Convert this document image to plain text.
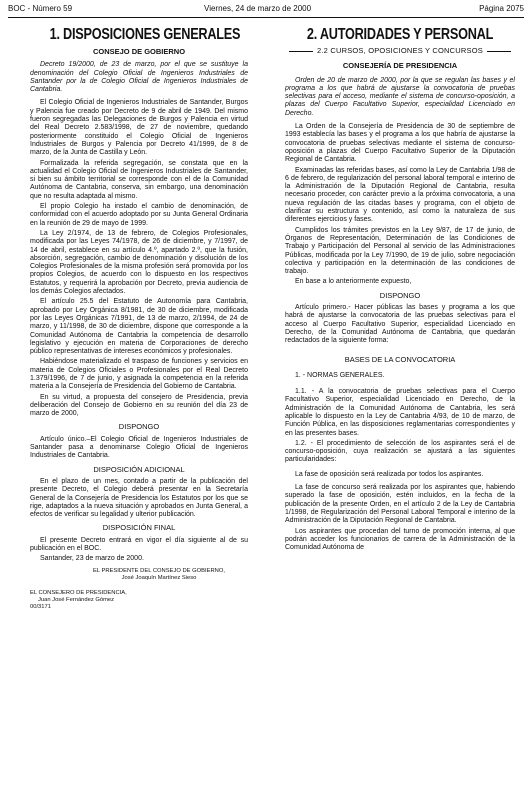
BOC - Número 59	Viernes, 24 de marzo de 2000	Página 2075
1. DISPOSICIONES GENERALES
CONSEJO DE GOBIERNO

Decreto 19/2000, de 23 de marzo, por el que se sustituye la denominación del Colegio Oficial de Ingenieros Industriales de Santander por la de Colegio Oficial de Ingenieros Industriales de Cantabria.

El Colegio Oficial de Ingenieros Industriales de Santander, Burgos y Palencia fue creado por Decreto de 9 de abril de 1949. Del mismo fueron segregadas las Delegaciones de Burgos y Palencia en virtud del Real Decreto 2.583/1998, de 27 de noviembre, quedando posteriormente constituido el Colegio Oficial de Ingenieros Industriales de Burgos y Palencia por Decreto 41/1999, de 8 de marzo, de la Junta de Castilla y León.

Formalizada la referida segregación, se constata que en la actualidad el Colegio Oficial de Ingenieros Industriales de Santander, si bien su ámbito territorial se corresponde con el de la Comunidad Autónoma de Cantabria, conserva, sin embargo, una denominación que no resulta adaptada al mismo.

El propio Colegio ha instado el cambio de denominación, de conformidad con el acuerdo adoptado por su Junta General Ordinaria en la reunión de 29 de mayo de 1999.

La Ley 2/1974, de 13 de febrero, de Colegios Profesionales, modificada por las Leyes 74/1978, de 26 de diciembre, y 7/1997, de 14 de abril, establece en su artículo 4.º, apartado 2.º, que la fusión, absorción, segregación, cambio de denominación y disolución de los Colegios Profesionales de la misma profesión será promovida por los propios Colegios, de acuerdo con lo dispuesto en los respectivos Estatutos, y requerirá la aprobación por Decreto, previa audiencia de los demás Colegios afectados.

El artículo 25.5 del Estatuto de Autonomía para Cantabria, aprobado por Ley Orgánica 8/1981, de 30 de diciembre, modificada por las Leyes Orgánicas 7/1991, de 13 de marzo, 2/1994, de 24 de marzo, y 11/1998, de 30 de diciembre, dispone que corresponde a la Comunidad Autónoma de Cantabria la competencia de desarrollo legislativo y ejecución en materia de Corporaciones de derecho público representativas de intereses económicos y profesionales.

Habiéndose materializado el traspaso de funciones y servicios en materia de Colegios Oficiales o Profesionales por el Real Decreto 1.379/1996, de 7 de junio, y asignada la competencia en la referida materia a la Consejería de Presidencia del Gobierno de Cantabria.

En su virtud, a propuesta del consejero de Presidencia, previa deliberación del Consejo de Gobierno en su reunión del día 23 de marzo de 2000,

DISPONGO

Artículo único.–El Colegio Oficial de Ingenieros Industriales de Santander pasa a denominarse Colegio Oficial de Ingenieros Industriales de Cantabria.

DISPOSICIÓN ADICIONAL

En el plazo de un mes, contado a partir de la publicación del presente Decreto, el Colegio deberá presentar en la Secretaría General de la Consejería de Presidencia los Estatutos por los que se rige, adaptados a la nueva situación y aprobados en Junta General, a efectos de verificar su legalidad y ulterior publicación.

DISPOSICIÓN FINAL

El presente Decreto entrará en vigor el día siguiente al de su publicación en el BOC.

Santander, 23 de marzo de 2000.

EL PRESIDENTE DEL CONSEJO DE GOBIERNO,
José Joaquín Martínez Sieso
EL CONSEJERO DE PRESIDENCIA,
Juan José Fernández Gómez
00/3171
2. AUTORIDADES Y PERSONAL
2.2 CURSOS, OPOSICIONES Y CONCURSOS
CONSEJERÍA DE PRESIDENCIA

Orden de 20 de marzo de 2000, por la que se regulan las bases y el programa a los que habrá de ajustarse la convocatoria de pruebas selectivas para el acceso, mediante el sistema de concurso-oposición, a plazas del Cuerpo Facultativo Superior, especialidad Licenciado en Derecho.

La Orden de la Consejería de Presidencia de 30 de septiembre de 1993 establecía las bases y el programa a los que habría de ajustarse la convocatoria de pruebas selectivas mediante el sistema de concurso-oposición a plazas del Cuerpo Facultativo Superior de la Diputación Regional de Cantabria.

Examinadas las referidas bases, así como la Ley de Cantabria 1/98 de 6 de febrero, de regularización del personal laboral temporal e interino de la Administración de la Diputación Regional de Cantabria, resulta necesario proceder, con carácter previo a la próxima convocatoria, a una nueva regulación de las citadas bases y programa, con el objeto de clarificar su estructura y contenido, así como la naturaleza de sus diferentes ejercicios y fases.

Cumplidos los trámites previstos en la Ley 9/87, de 17 de junio, de Órganos de Representación, Determinación de las Condiciones de Trabajo y Participación del Personal al servicio de las Administraciones Públicas, modificada por la Ley 7/1990, de 19 de julio, sobre negociación colectiva y participación en la determinación de las condiciones de trabajo.

En base a lo anteriormente expuesto,

DISPONGO

Artículo primero.- Hacer públicas las bases y programa a los que habrá de ajustarse la convocatoria de las pruebas selectivas para el acceso al Cuerpo Facultativo Superior, especialidad Licenciado en Derecho, de la Comunidad Autónoma de Cantabria, que quedarán redactados de la siguiente forma:

BASES DE LA CONVOCATORIA

1. - NORMAS GENERALES.

1.1. - A la convocatoria de pruebas selectivas para el Cuerpo Facultativo Superior, especialidad Licenciado en Derecho, de la Administración de la Comunidad Autónoma de Cantabria, les será aplicable lo dispuesto en la Ley de Cantabria 4/93, de 10 de marzo, de Función Pública, en las disposiciones reglamentarias correspondientes y en las presentes bases.

1.2. - El procedimiento de selección de los aspirantes será el de concurso-oposición, cuya realización se ajustará a las siguientes particularidades:

La fase de oposición será realizada por todos los aspirantes.

La fase de concurso será realizada por los aspirantes que, habiendo superado la fase de oposición, estén incluidos, en la fecha de la publicación de la presente Orden, en el artículo 2 de la Ley de Cantabria 1/1998, de Regularización del Personal Laboral Temporal e interino de la Administración de la Diputación Regional de Cantabria.

Los aspirantes que procedan del turno de promoción interna, al que podrán acceder los funcionarios de carrera de la Administración de la Comunidad Autónoma de
